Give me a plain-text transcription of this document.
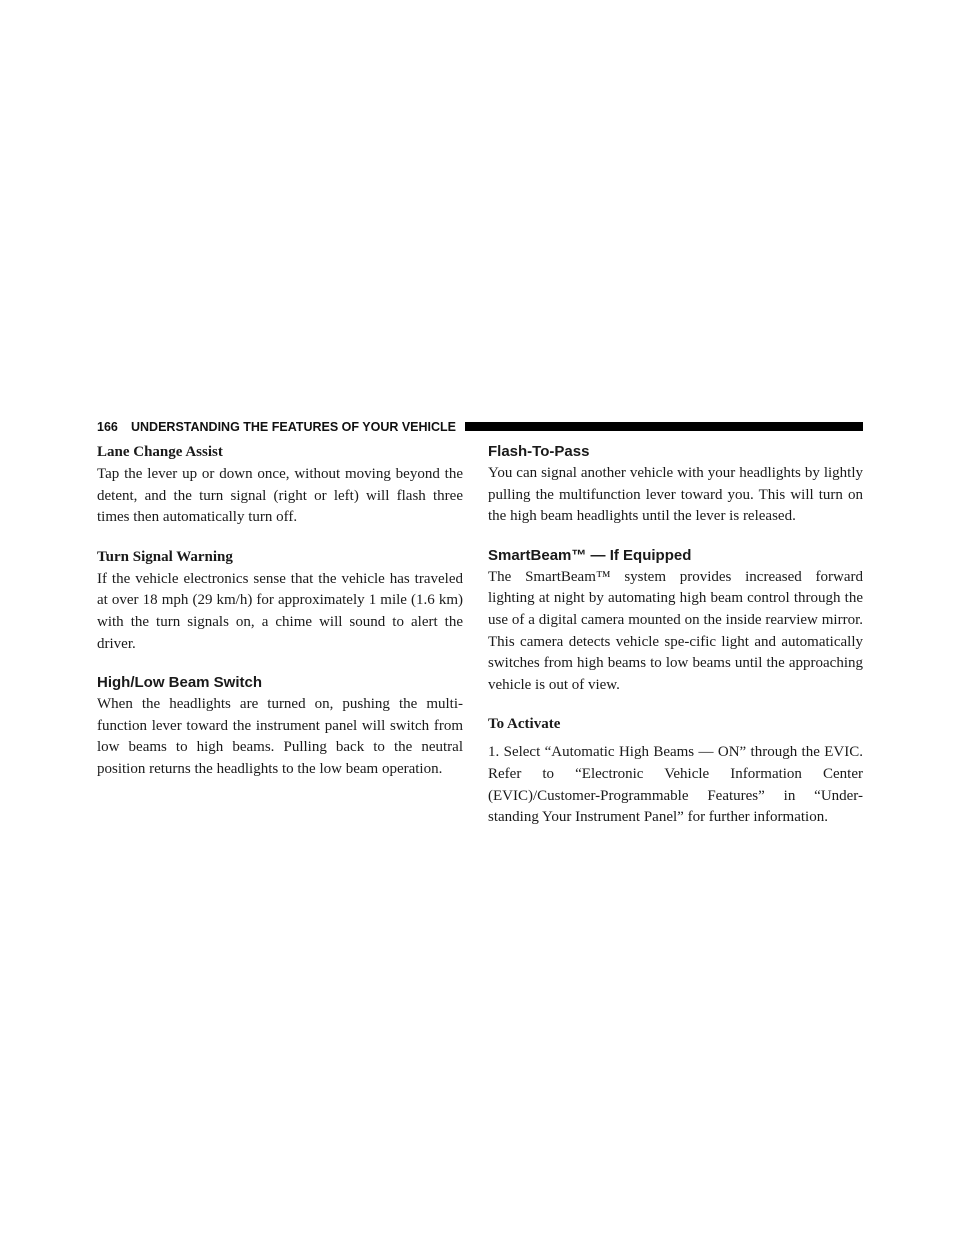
166 UNDERSTANDING THE FEATURES OF YOUR VEHICLE
Lane Change Assist

Tap the lever up or down once, without moving beyond the detent, and the turn signal (right or left) will flash three times then automatically turn off.

Turn Signal Warning

If the vehicle electronics sense that the vehicle has traveled at over 18 mph (29 km/h) for approximately 1 mile (1.6 km) with the turn signals on, a chime will sound to alert the driver.

High/Low Beam Switch

When the headlights are turned on, pushing the multi-function lever toward the instrument panel will switch from low beams to high beams. Pulling back to the neutral position returns the headlights to the low beam operation.

Flash-To-Pass

You can signal another vehicle with your headlights by lightly pulling the multifunction lever toward you. This will turn on the high beam headlights until the lever is released.

SmartBeam™ — If Equipped

The SmartBeam™ system provides increased forward lighting at night by automating high beam control through the use of a digital camera mounted on the inside rearview mirror. This camera detects vehicle spe-cific light and automatically switches from high beams to low beams until the approaching vehicle is out of view.

To Activate

1. Select “Automatic High Beams — ON” through the EVIC. Refer to “Electronic Vehicle Information Center (EVIC)/Customer-Programmable Features” in “Under-standing Your Instrument Panel” for further information.
